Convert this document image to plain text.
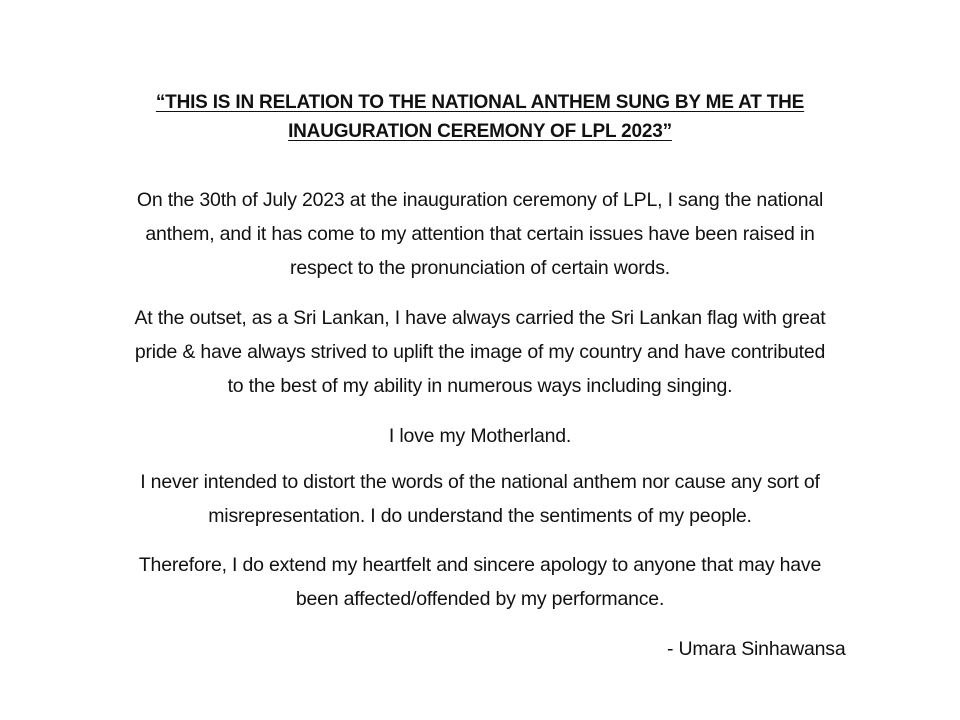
“THIS IS IN RELATION TO THE NATIONAL ANTHEM SUNG BY ME AT THE
INAUGURATION CEREMONY OF LPL 2023”
On the 30th of July 2023 at the inauguration ceremony of LPL, I sang the national
anthem, and it has come to my attention that certain issues have been raised in
respect to the pronunciation of certain words.
At the outset, as a Sri Lankan, I have always carried the Sri Lankan flag with great
pride & have always strived to uplift the image of my country and have contributed
to the best of my ability in numerous ways including singing.
I love my Motherland.
I never intended to distort the words of the national anthem nor cause any sort of
misrepresentation. I do understand the sentiments of my people.
Therefore, I do extend my heartfelt and sincere apology to anyone that may have
been affected/offended by my performance.
- Umara Sinhawansa
